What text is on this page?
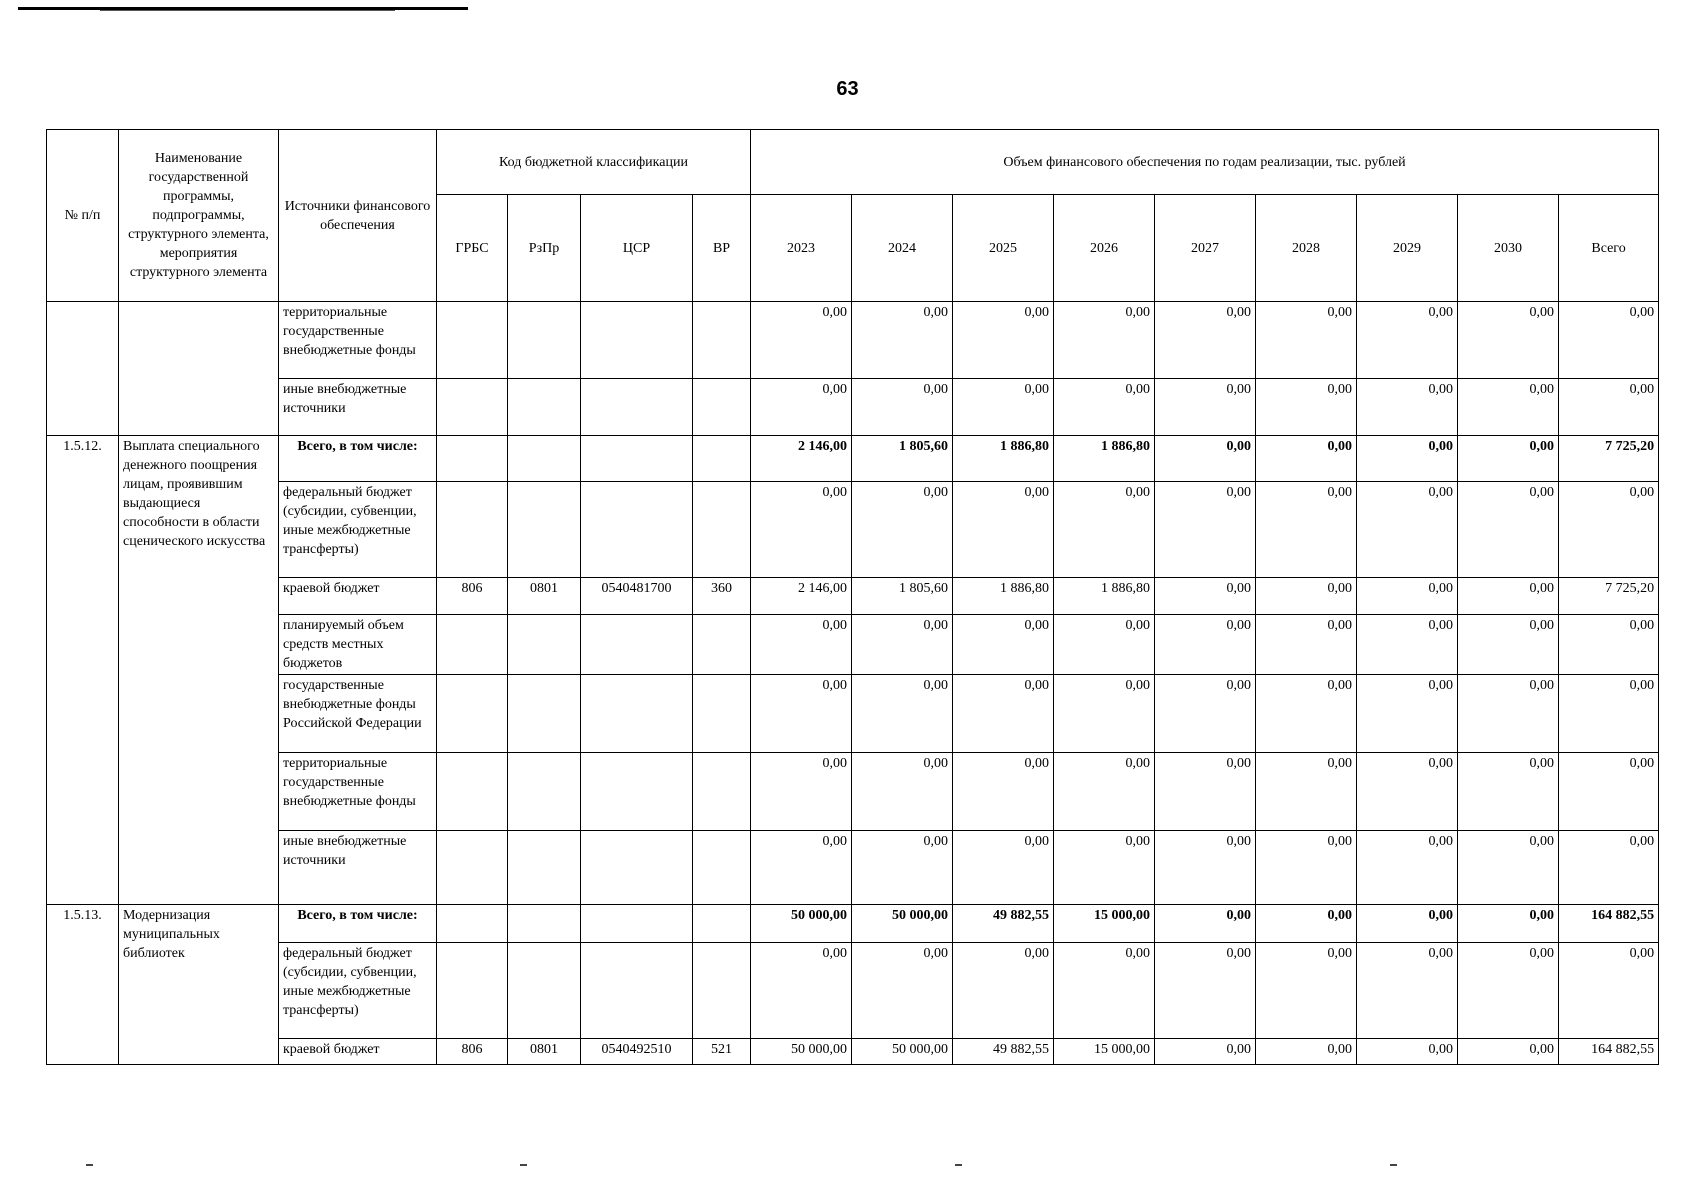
63
№ п/п	Наименование государственной программы, подпрограммы, структурного элемента, мероприятия структурного элемента	Источники финансового обеспечения	Код бюджетной классификации				Объем финансового обеспечения по годам реализации, тыс. рублей								
			ГРБС	РзПр	ЦСР	ВР	2023	2024	2025	2026	2027	2028	2029	2030	Всего
		территориальные государственные внебюджетные фонды					0,00	0,00	0,00	0,00	0,00	0,00	0,00	0,00	0,00
		иные внебюджетные источники					0,00	0,00	0,00	0,00	0,00	0,00	0,00	0,00	0,00
1.5.12.	Выплата специального денежного поощрения лицам, проявившим выдающиеся способности в области сценического искусства	Всего, в том числе:					2 146,00	1 805,60	1 886,80	1 886,80	0,00	0,00	0,00	0,00	7 725,20
		федеральный бюджет (субсидии, субвенции, иные межбюджетные трансферты)					0,00	0,00	0,00	0,00	0,00	0,00	0,00	0,00	0,00
		краевой бюджет	806	0801	0540481700	360	2 146,00	1 805,60	1 886,80	1 886,80	0,00	0,00	0,00	0,00	7 725,20
		планируемый объем средств местных бюджетов					0,00	0,00	0,00	0,00	0,00	0,00	0,00	0,00	0,00
		государственные внебюджетные фонды Российской Федерации					0,00	0,00	0,00	0,00	0,00	0,00	0,00	0,00	0,00
		территориальные государственные внебюджетные фонды					0,00	0,00	0,00	0,00	0,00	0,00	0,00	0,00	0,00
		иные внебюджетные источники					0,00	0,00	0,00	0,00	0,00	0,00	0,00	0,00	0,00
1.5.13.	Модернизация муниципальных библиотек	Всего, в том числе:					50 000,00	50 000,00	49 882,55	15 000,00	0,00	0,00	0,00	0,00	164 882,55
		федеральный бюджет (субсидии, субвенции, иные межбюджетные трансферты)					0,00	0,00	0,00	0,00	0,00	0,00	0,00	0,00	0,00
		краевой бюджет	806	0801	0540492510	521	50 000,00	50 000,00	49 882,55	15 000,00	0,00	0,00	0,00	0,00	164 882,55
